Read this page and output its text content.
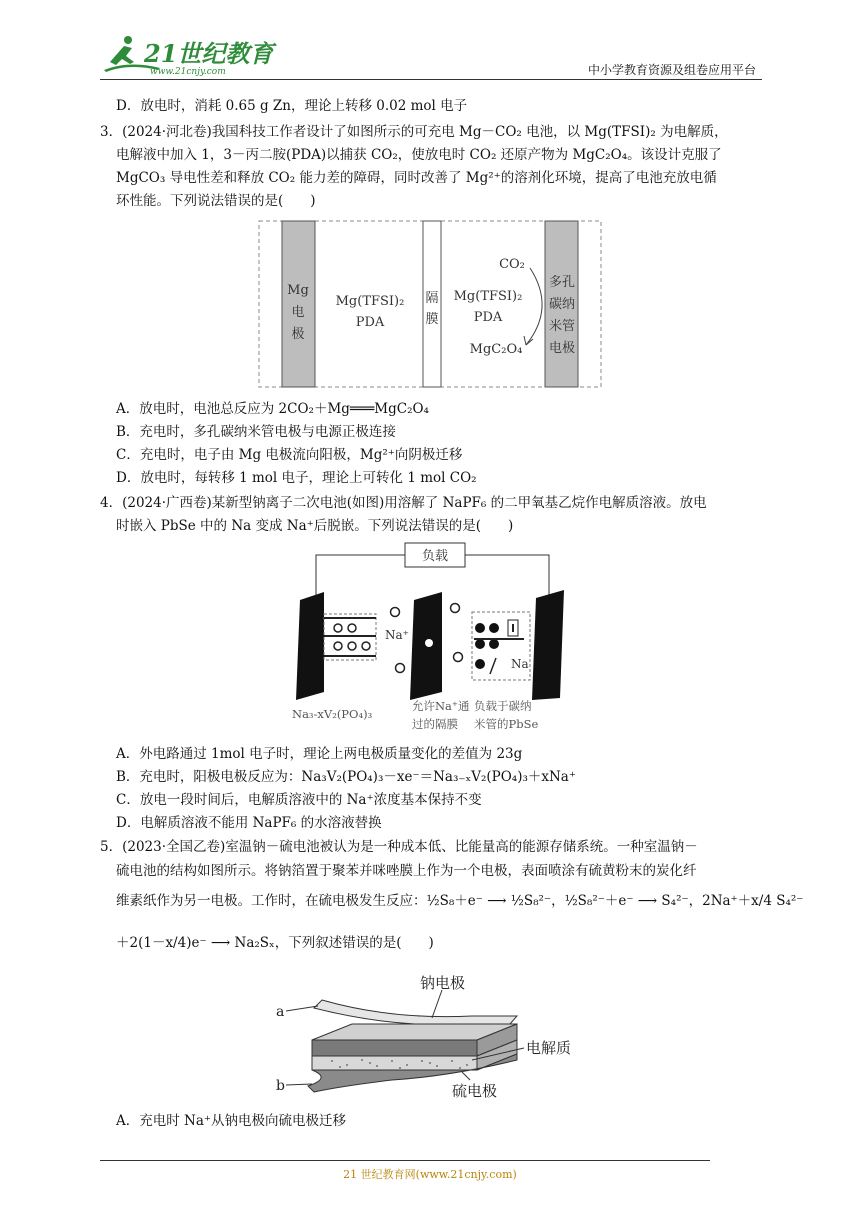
21世纪教育
www.21cnjy.com	中小学教育资源及组卷应用平台
D．放电时，消耗 0.65 g Zn，理论上转移 0.02 mol 电子
3．(2024·河北卷)我国科技工作者设计了如图所示的可充电 Mg－CO₂ 电池，以 Mg(TFSI)₂ 为电解质，
电解液中加入 1，3－丙二胺(PDA)以捕获 CO₂，使放电时 CO₂ 还原产物为 MgC₂O₄。该设计克服了
MgCO₃ 导电性差和释放 CO₂ 能力差的障碍，同时改善了 Mg²⁺的溶剂化环境，提高了电池充放电循
环性能。下列说法错误的是(　　)
Mg
电
极
Mg(TFSI)₂
PDA
隔
膜
Mg(TFSI)₂
PDA
CO₂
MgC₂O₄
多孔
碳纳
米管
电极
A．放电时，电池总反应为 2CO₂＋Mg═══MgC₂O₄
B．充电时，多孔碳纳米管电极与电源正极连接
C．充电时，电子由 Mg 电极流向阳极，Mg²⁺向阴极迁移
D．放电时，每转移 1 mol 电子，理论上可转化 1 mol CO₂
4．(2024·广西卷)某新型钠离子二次电池(如图)用溶解了 NaPF₆ 的二甲氧基乙烷作电解质溶液。放电
时嵌入 PbSe 中的 Na 变成 Na⁺后脱嵌。下列说法错误的是(　　)
负载
Na⁺
Na
Na₃-xV₂(PO₄)₃
允许Na⁺通
过的隔膜
负载于碳纳
米管的PbSe
A．外电路通过 1mol 电子时，理论上两电极质量变化的差值为 23g
B．充电时，阳极电极反应为：Na₃V₂(PO₄)₃－xe⁻＝Na₃₋ₓV₂(PO₄)₃＋xNa⁺
C．放电一段时间后，电解质溶液中的 Na⁺浓度基本保持不变
D．电解质溶液不能用 NaPF₆ 的水溶液替换
5．(2023·全国乙卷)室温钠－硫电池被认为是一种成本低、比能量高的能源存储系统。一种室温钠－
硫电池的结构如图所示。将钠箔置于聚苯并咪唑膜上作为一个电极，表面喷涂有硫黄粉末的炭化纤
维素纸作为另一电极。工作时，在硫电极发生反应：½S₈＋e⁻ ⟶ ½S₈²⁻，½S₈²⁻＋e⁻ ⟶ S₄²⁻，2Na⁺＋x/4 S₄²⁻
＋2(1－x/4)e⁻ ⟶ Na₂Sₓ，下列叙述错误的是(　　)
a
b
钠电极
电解质
硫电极
A．充电时 Na⁺从钠电极向硫电极迁移
21 世纪教育网(www.21cnjy.com)
